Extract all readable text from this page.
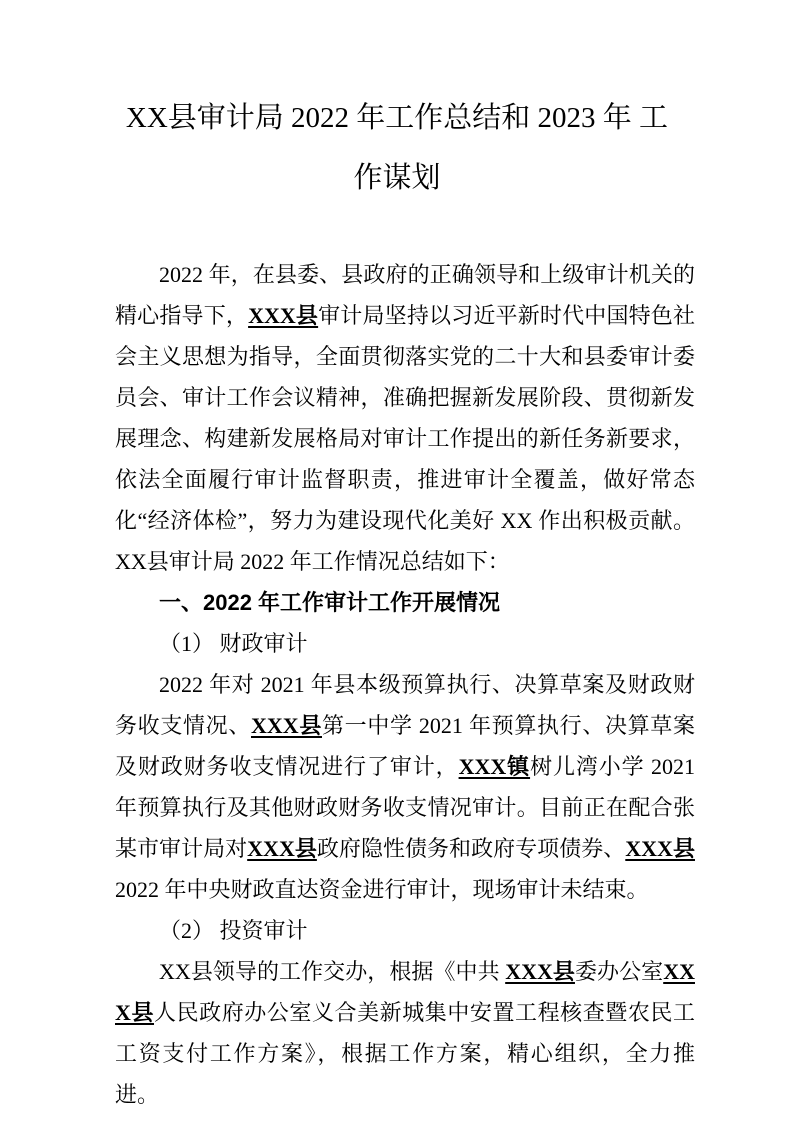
XX县审计局 2022 年工作总结和 2023 年 工
作谋划

2022 年，在县委、县政府的正确领导和上级审计机关的精心指导下，XXX县审计局坚持以习近平新时代中国特色社会主义思想为指导，全面贯彻落实党的二十大和县委审计委员会、审计工作会议精神，准确把握新发展阶段、贯彻新发展理念、构建新发展格局对审计工作提出的新任务新要求， 依法全面履行审计监督职责，推进审计全覆盖，做好常态化“经济体检”，努力为建设现代化美好 XX 作出积极贡献。XX县审计局 2022 年工作情况总结如下：

一、2022 年工作审计工作开展情况

（1） 财政审计

2022 年对 2021 年县本级预算执行、决算草案及财政财务收支情况、XXX县第一中学 2021 年预算执行、决算草案及财政财务收支情况进行了审计，XXX镇树儿湾小学 2021 年预算执行及其他财政财务收支情况审计。目前正在配合张某市审计局对XXX县政府隐性债务和政府专项债券、XXX县 2022 年中央财政直达资金进行审计，现场审计未结束。

（2） 投资审计

XX县领导的工作交办，根据《中共 XXX县委办公室XXX县人民政府办公室义合美新城集中安置工程核查暨农民工 工资支付工作方案》，根据工作方案，精心组织，全力推进。
